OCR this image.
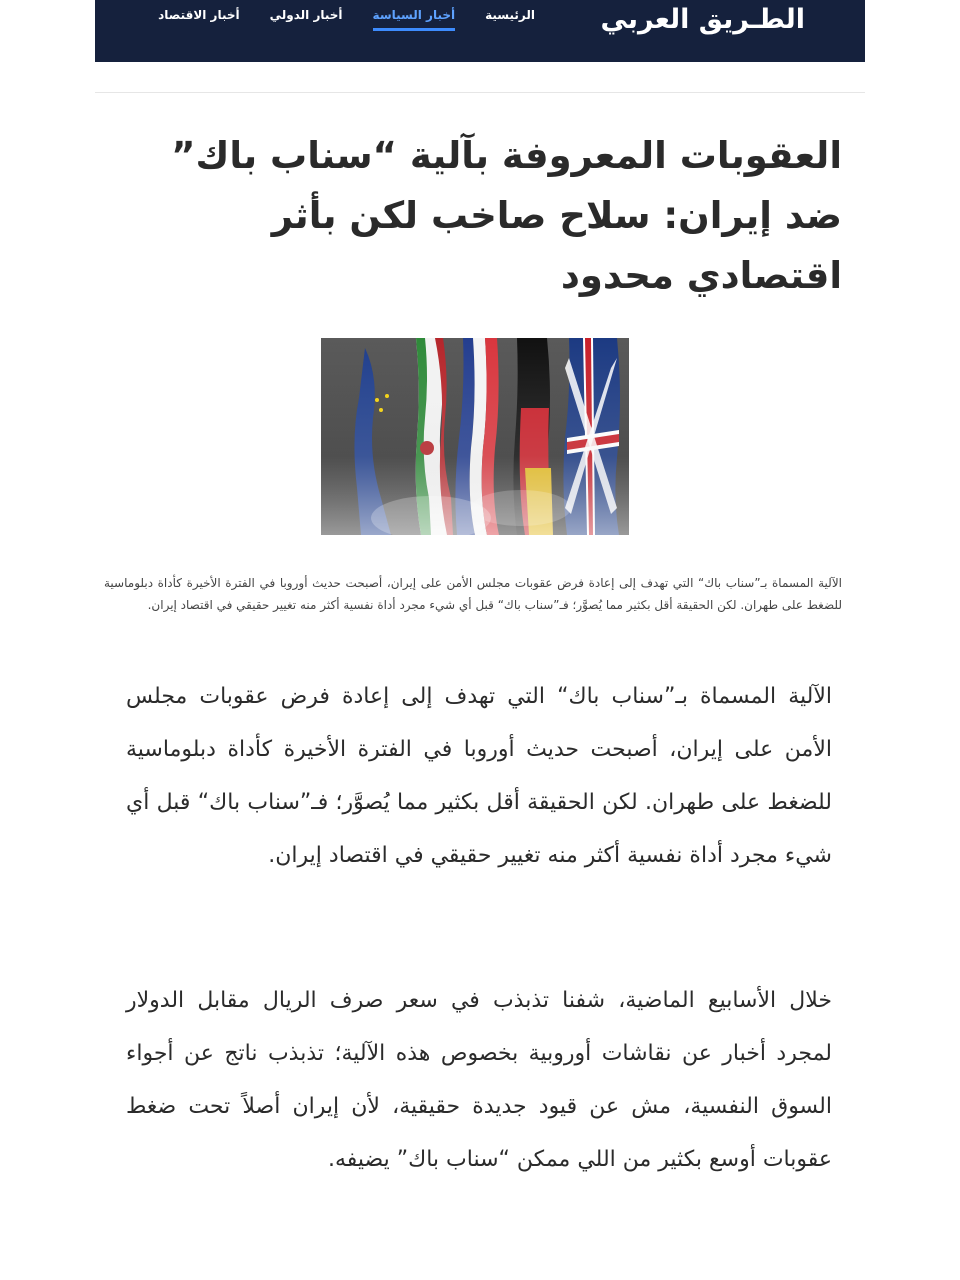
الطـريق العربي
الرئيسية
أخبار السياسة
أخبار الدولي
أخبار الاقتصاد
العقوبات المعروفة بآلية “سناب باك” ضد إيران: سلاح صاخب لكن بأثر اقتصادي محدود

الآلية المسماة بـ”سناب باك“ التي تهدف إلى إعادة فرض عقوبات مجلس الأمن على إيران، أصبحت حديث أوروبا في الفترة الأخيرة كأداة دبلوماسية للضغط على طهران. لكن الحقيقة أقل بكثير مما يُصوَّر؛ فـ”سناب باك“ قبل أي شيء مجرد أداة نفسية أكثر منه تغيير حقيقي في اقتصاد إيران.

الآلية المسماة بـ”سناب باك“ التي تهدف إلى إعادة فرض عقوبات مجلس الأمن على إيران، أصبحت حديث أوروبا في الفترة الأخيرة كأداة دبلوماسية للضغط على طهران. لكن الحقيقة أقل بكثير مما يُصوَّر؛ فـ”سناب باك“ قبل أي شيء مجرد أداة نفسية أكثر منه تغيير حقيقي في اقتصاد إيران.

خلال الأسابيع الماضية، شفنا تذبذب في سعر صرف الريال مقابل الدولار لمجرد أخبار عن نقاشات أوروبية بخصوص هذه الآلية؛ تذبذب ناتج عن أجواء السوق النفسية، مش عن قيود جديدة حقيقية، لأن إيران أصلاً تحت ضغط عقوبات أوسع بكثير من اللي ممكن “سناب باك” يضيفه.
